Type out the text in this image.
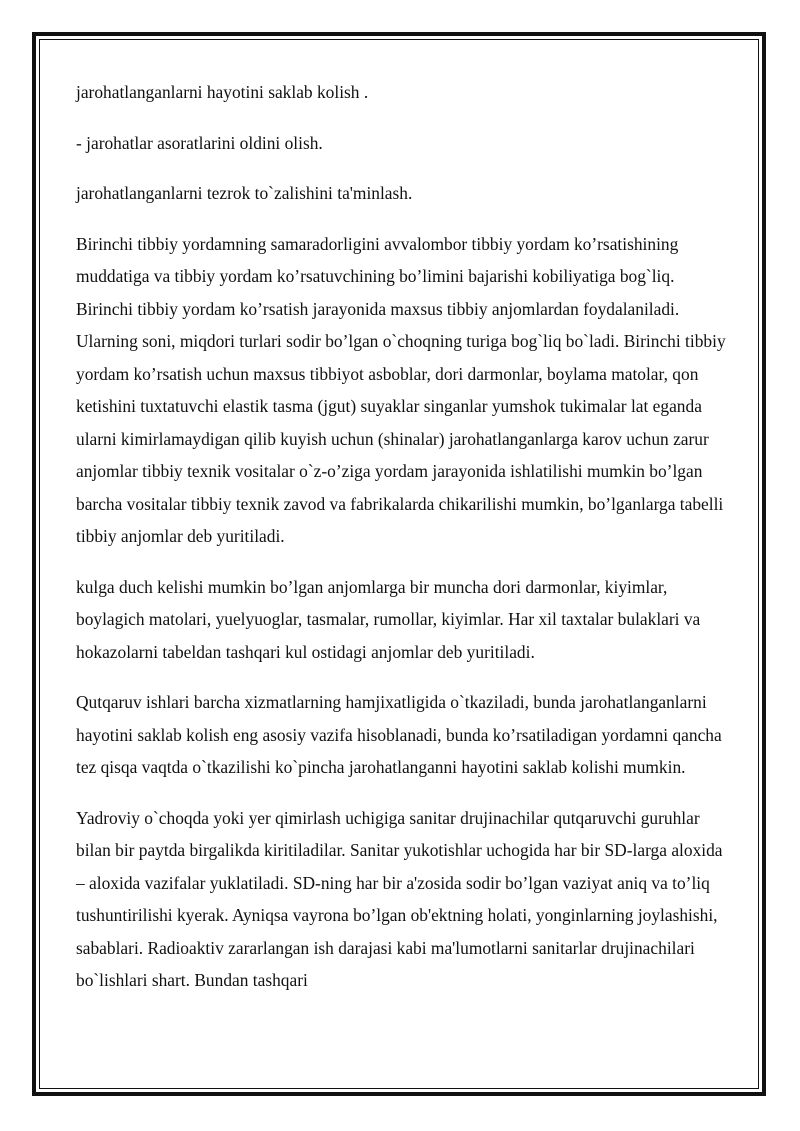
jarohatlanganlarni hayotini saklab kolish .

- jarohatlar asoratlarini oldini olish.

jarohatlanganlarni tezrok to`zalishini ta'minlash.

Birinchi tibbiy yordamning samaradorligini avvalombor tibbiy yordam ko’rsatishining muddatiga va tibbiy yordam ko’rsatuvchining bo’limini bajarishi kobiliyatiga bog`liq. Birinchi tibbiy yordam ko’rsatish jarayonida maxsus tibbiy anjomlardan foydalaniladi. Ularning soni, miqdori turlari sodir bo’lgan o`choqning turiga bog`liq bo`ladi. Birinchi tibbiy yordam ko’rsatish uchun maxsus tibbiyot asboblar, dori darmonlar, boylama matolar, qon ketishini tuxtatuvchi elastik tasma (jgut) suyaklar singanlar yumshok tukimalar lat eganda ularni kimirlamaydigan qilib kuyish uchun (shinalar) jarohatlanganlarga karov uchun zarur anjomlar tibbiy texnik vositalar o`z-o’ziga yordam jarayonida ishlatilishi mumkin bo’lgan barcha vositalar tibbiy texnik zavod va fabrikalarda chikarilishi mumkin, bo’lganlarga tabelli tibbiy anjomlar deb yuritiladi.

kulga duch kelishi mumkin bo’lgan anjomlarga bir muncha dori darmonlar, kiyimlar, boylagich matolari, yuelyuoglar, tasmalar, rumollar, kiyimlar. Har xil taxtalar bulaklari va hokazolarni tabeldan tashqari kul ostidagi anjomlar deb yuritiladi.

Qutqaruv ishlari barcha xizmatlarning hamjixatligida o`tkaziladi, bunda jarohatlanganlarni hayotini saklab kolish eng asosiy vazifa hisoblanadi, bunda ko’rsatiladigan yordamni qancha tez qisqa vaqtda o`tkazilishi ko`pincha jarohatlanganni hayotini saklab kolishi mumkin.

Yadroviy o`choqda yoki yer qimirlash uchigiga sanitar drujinachilar qutqaruvchi guruhlar bilan bir paytda birgalikda kiritiladilar. Sanitar yukotishlar uchogida har bir SD-larga aloxida – aloxida vazifalar yuklatiladi. SD-ning har bir a'zosida sodir bo’lgan vaziyat aniq va to’liq tushuntirilishi kyerak. Ayniqsa vayrona bo’lgan ob'ektning holati, yonginlarning joylashishi, sabablari. Radioaktiv zararlangan ish darajasi kabi ma'lumotlarni sanitarlar drujinachilari bo`lishlari shart. Bundan tashqari
